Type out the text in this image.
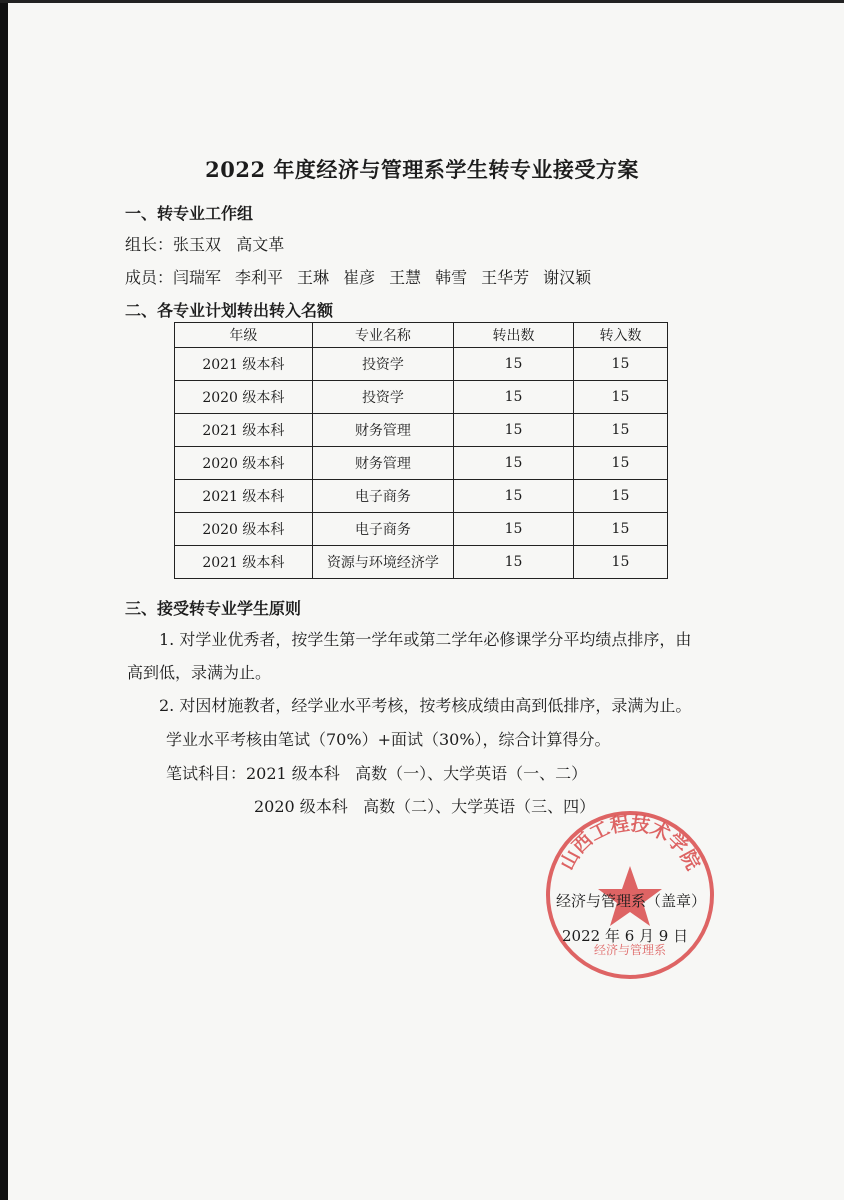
2022 年度经济与管理系学生转专业接受方案
一、转专业工作组
组长：张玉双 高文革
成员：闫瑞军 李利平 王琳 崔彦 王慧 韩雪 王华芳 谢汉颖
二、各专业计划转出转入名额
年级	专业名称	转出数	转入数
2021 级本科	投资学	15	15
2020 级本科	投资学	15	15
2021 级本科	财务管理	15	15
2020 级本科	财务管理	15	15
2021 级本科	电子商务	15	15
2020 级本科	电子商务	15	15
2021 级本科	资源与环境经济学	15	15
三、接受转专业学生原则
1. 对学业优秀者，按学生第一学年或第二学年必修课学分平均绩点排序，由
高到低，录满为止。
2. 对因材施教者，经学业水平考核，按考核成绩由高到低排序，录满为止。
学业水平考核由笔试（70%）+面试（30%），综合计算得分。
笔试科目：2021 级本科   高数（一）、大学英语（一、二）
2020 级本科   高数（二）、大学英语（三、四）
山西工程技术学院
经济与管理系
经济与管理系（盖章）
2022 年 6 月 9 日
